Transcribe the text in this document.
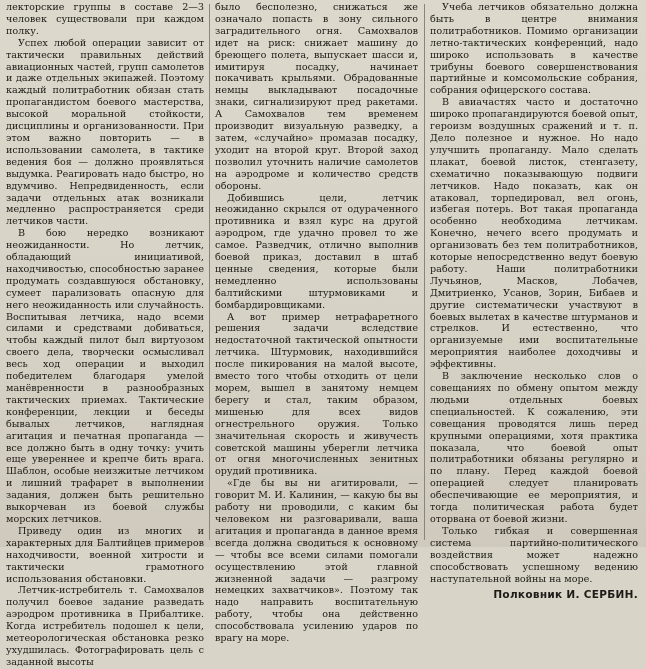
лекторские группы в составе 2—3 человек существовали при каждом полку.

Успех любой операции зависит от тактически правильных действий авиационных частей, групп самолетов и даже отдельных экипажей. Поэтому каждый политработник обязан стать пропагандистом боевого мастерства, высокой моральной стойкости, дисциплины и организованности. При этом важно повторить — в использовании самолета, в тактике ведения боя — должно проявляться выдумка. Реагировать надо быстро, но вдумчиво. Непредвиденность, если задачи отдельных атак возникали медленно распространяется среди летчиков части.

В бою нередко возникают неожиданности. Но летчик, обладающий инициативой, находчивостью, способностью заранее продумать создавшуюся обстановку, сумеет парализовать опасную для него неожиданность или случайность. Воспитывая летчика, надо всеми силами и средствами добиваться, чтобы каждый пилот был виртуозом своего дела, творчески осмысливал весь ход операции и выходил победителем благодаря умелой манёвренности в разнообразных тактических приемах. Тактические конференции, лекции и беседы бывалых летчиков, наглядная агитация и печатная пропаганда — все должно быть в одну точку: учить еще увереннее и крепче бить врага. Шаблон, особые неизжитые летчиком и лишний трафарет в выполнении задания, должен быть решительно выкорчеван из боевой службы морских летчиков.

Приведу один из многих и характерных для Балтийцев примеров находчивости, военной хитрости и тактически грамотного использования обстановки.

Летчик-истребитель т. Самохвалов получил боевое задание разведать аэродром противника в Прибалтике. Когда истребитель подошел к цели, метеорологическая обстановка резко ухудшилась. Фотографировать цель с заданной высоты

было бесполезно, снижаться же означало попасть в зону сильного заградительного огня. Самохвалов идет на риск: снижает машину до бреющего полета, выпускает шасси и, имитируя посадку, начинает покачивать крыльями. Обрадованные немцы выкладывают посадочные знаки, сигнализируют пред ракетами. А Самохвалов тем временем производит визуальную разведку, а затем, «случайно» промазав посадку, уходит на второй круг. Второй заход позволил уточнить наличие самолетов на аэродроме и количество средств обороны.

Добившись цели, летчик неожиданно скрылся от одураченного противника и взял курс на другой аэродром, где удачно провел то же самое. Разведчик, отлично выполнив боевой приказ, доставил в штаб ценные сведения, которые были немедленно использованы балтийскими штурмовиками и бомбардировщиками.

А вот пример нетрафаретного решения задачи вследствие недостаточной тактической опытности летчика. Штурмовик, находившийся после пикирования на малой высоте, вместо того чтобы отходить от цели морем, вышел в занятому немцем берегу и стал, таким образом, мишенью для всех видов огнестрельного оружия. Только значительная скорость и живучесть советской машины уберегли летчика от огня многочисленных зенитных орудий противника.

«Где бы вы ни агитировали, — говорит М. И. Калинин, — какую бы вы работу ни проводили, с каким бы человеком ни разговаривали, ваша агитация и пропаганда в данное время всегда должна сводиться к основному — чтобы все всеми силами помогали осуществлению этой главной жизненной задачи — разгрому немецких захватчиков». Поэтому так надо направить воспитательную работу, чтобы она действенно способствовала усилению ударов по врагу на море.

Учеба летчиков обязательно должна быть в центре внимания политработников. Помимо организации летно-тактических конференций, надо широко использовать в качестве трибуны боевого совершенствования партийные и комсомольские собрания, собрания офицерского состава.

В авиачастях часто и достаточно широко пропагандируются боевой опыт, героизм воздушных сражений и т. п. Дело полезное и нужное. Но надо улучшить пропаганду. Мало сделать плакат, боевой листок, стенгазету, схематично показывающую подвиги летчиков. Надо показать, как он атаковал, торпедировал, вел огонь, избегая потерь. Вот такая пропаганда особенно необходима летчикам. Конечно, нечего всего продумать и организовать без тем политработников, которые непосредственно ведут боевую работу. Наши политработники Лучьянов, Масков, Лобачев, Дмитриенко, Усанов, Зорин, Бибаев и другие систематически участвуют в боевых вылетах в качестве штурманов и стрелков. И естественно, что организуемые ими воспитательные мероприятия наиболее доходчивы и эффективны.

В заключение несколько слов о совещаниях по обмену опытом между людьми отдельных боевых специальностей. К сожалению, эти совещания проводятся лишь перед крупными операциями, хотя практика показала, что боевой опыт политработники обязаны регулярно и по плану. Перед каждой боевой операцией следует планировать обеспечивающие ее мероприятия, и тогда политическая работа будет оторвана от боевой жизни.

Только гибкая и совершенная система партийно-политического воздействия может надежно способствовать успешному ведению наступательной войны на море.

Полковник И. СЕРБИН.
